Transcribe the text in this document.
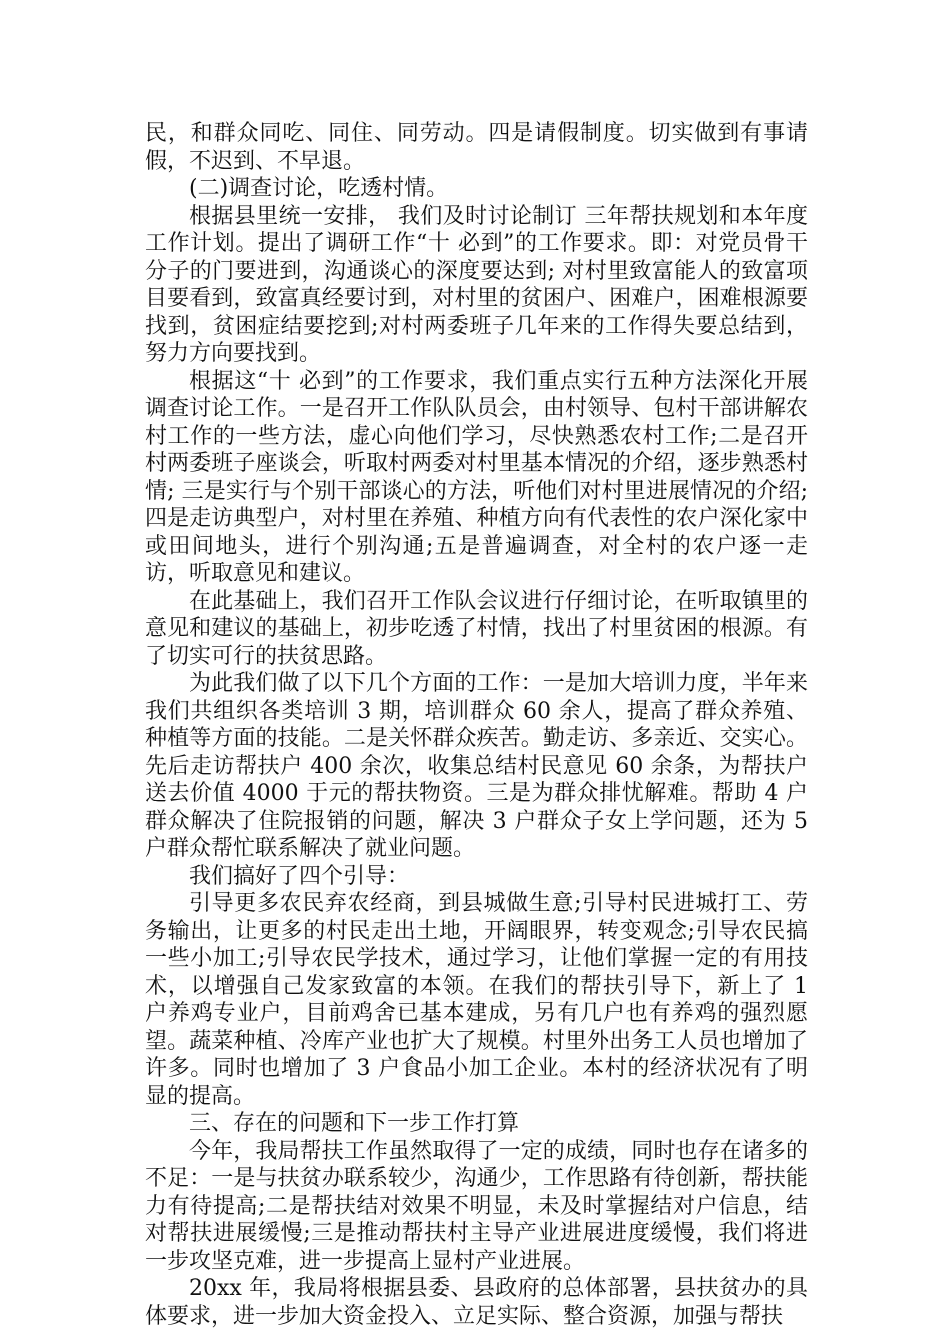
民，和群众同吃、同住、同劳动。四是请假制度。切实做到有事请假，不迟到、不早退。

(二)调查讨论，吃透村情。

根据县里统一安排， 我们及时讨论制订 三年帮扶规划和本年度工作计划。提出了调研工作“十 必到”的工作要求。即：对党员骨干分子的门要进到，沟通谈心的深度要达到; 对村里致富能人的致富项目要看到，致富真经要讨到，对村里的贫困户、困难户，困难根源要找到，贫困症结要挖到;对村两委班子几年来的工作得失要总结到，努力方向要找到。

根据这“十 必到”的工作要求，我们重点实行五种方法深化开展调查讨论工作。一是召开工作队队员会，由村领导、包村干部讲解农村工作的一些方法，虚心向他们学习，尽快熟悉农村工作;二是召开村两委班子座谈会，听取村两委对村里基本情况的介绍，逐步熟悉村情; 三是实行与个别干部谈心的方法，听他们对村里进展情况的介绍;四是走访典型户，对村里在养殖、种植方向有代表性的农户深化家中或田间地头，进行个别沟通;五是普遍调查，对全村的农户逐一走访，听取意见和建议。

在此基础上，我们召开工作队会议进行仔细讨论，在听取镇里的意见和建议的基础上，初步吃透了村情，找出了村里贫困的根源。有了切实可行的扶贫思路。

为此我们做了以下几个方面的工作：一是加大培训力度，半年来我们共组织各类培训 3 期，培训群众 60 余人，提高了群众养殖、种植等方面的技能。二是关怀群众疾苦。勤走访、多亲近、交实心。先后走访帮扶户 400 余次，收集总结村民意见 60 余条，为帮扶户送去价值 4000 于元的帮扶物资。三是为群众排忧解难。帮助 4 户群众解决了住院报销的问题，解决 3 户群众子女上学问题，还为 5 户群众帮忙联系解决了就业问题。

我们搞好了四个引导：

引导更多农民弃农经商，到县城做生意;引导村民进城打工、劳务输出，让更多的村民走出土地，开阔眼界，转变观念;引导农民搞一些小加工;引导农民学技术，通过学习，让他们掌握一定的有用技术，以增强自己发家致富的本领。在我们的帮扶引导下，新上了 1 户养鸡专业户，目前鸡舍已基本建成，另有几户也有养鸡的强烈愿望。蔬菜种植、冷库产业也扩大了规模。村里外出务工人员也增加了许多。同时也增加了 3 户食品小加工企业。本村的经济状况有了明显的提高。

三、存在的问题和下一步工作打算

今年，我局帮扶工作虽然取得了一定的成绩，同时也存在诸多的不足：一是与扶贫办联系较少，沟通少，工作思路有待创新，帮扶能力有待提高;二是帮扶结对效果不明显，未及时掌握结对户信息，结对帮扶进展缓慢;三是推动帮扶村主导产业进展进度缓慢，我们将进一步攻坚克难，进一步提高上显村产业进展。

20xx 年，我局将根据县委、县政府的总体部署，县扶贫办的具体要求，进一步加大资金投入、立足实际、整合资源，加强与帮扶
